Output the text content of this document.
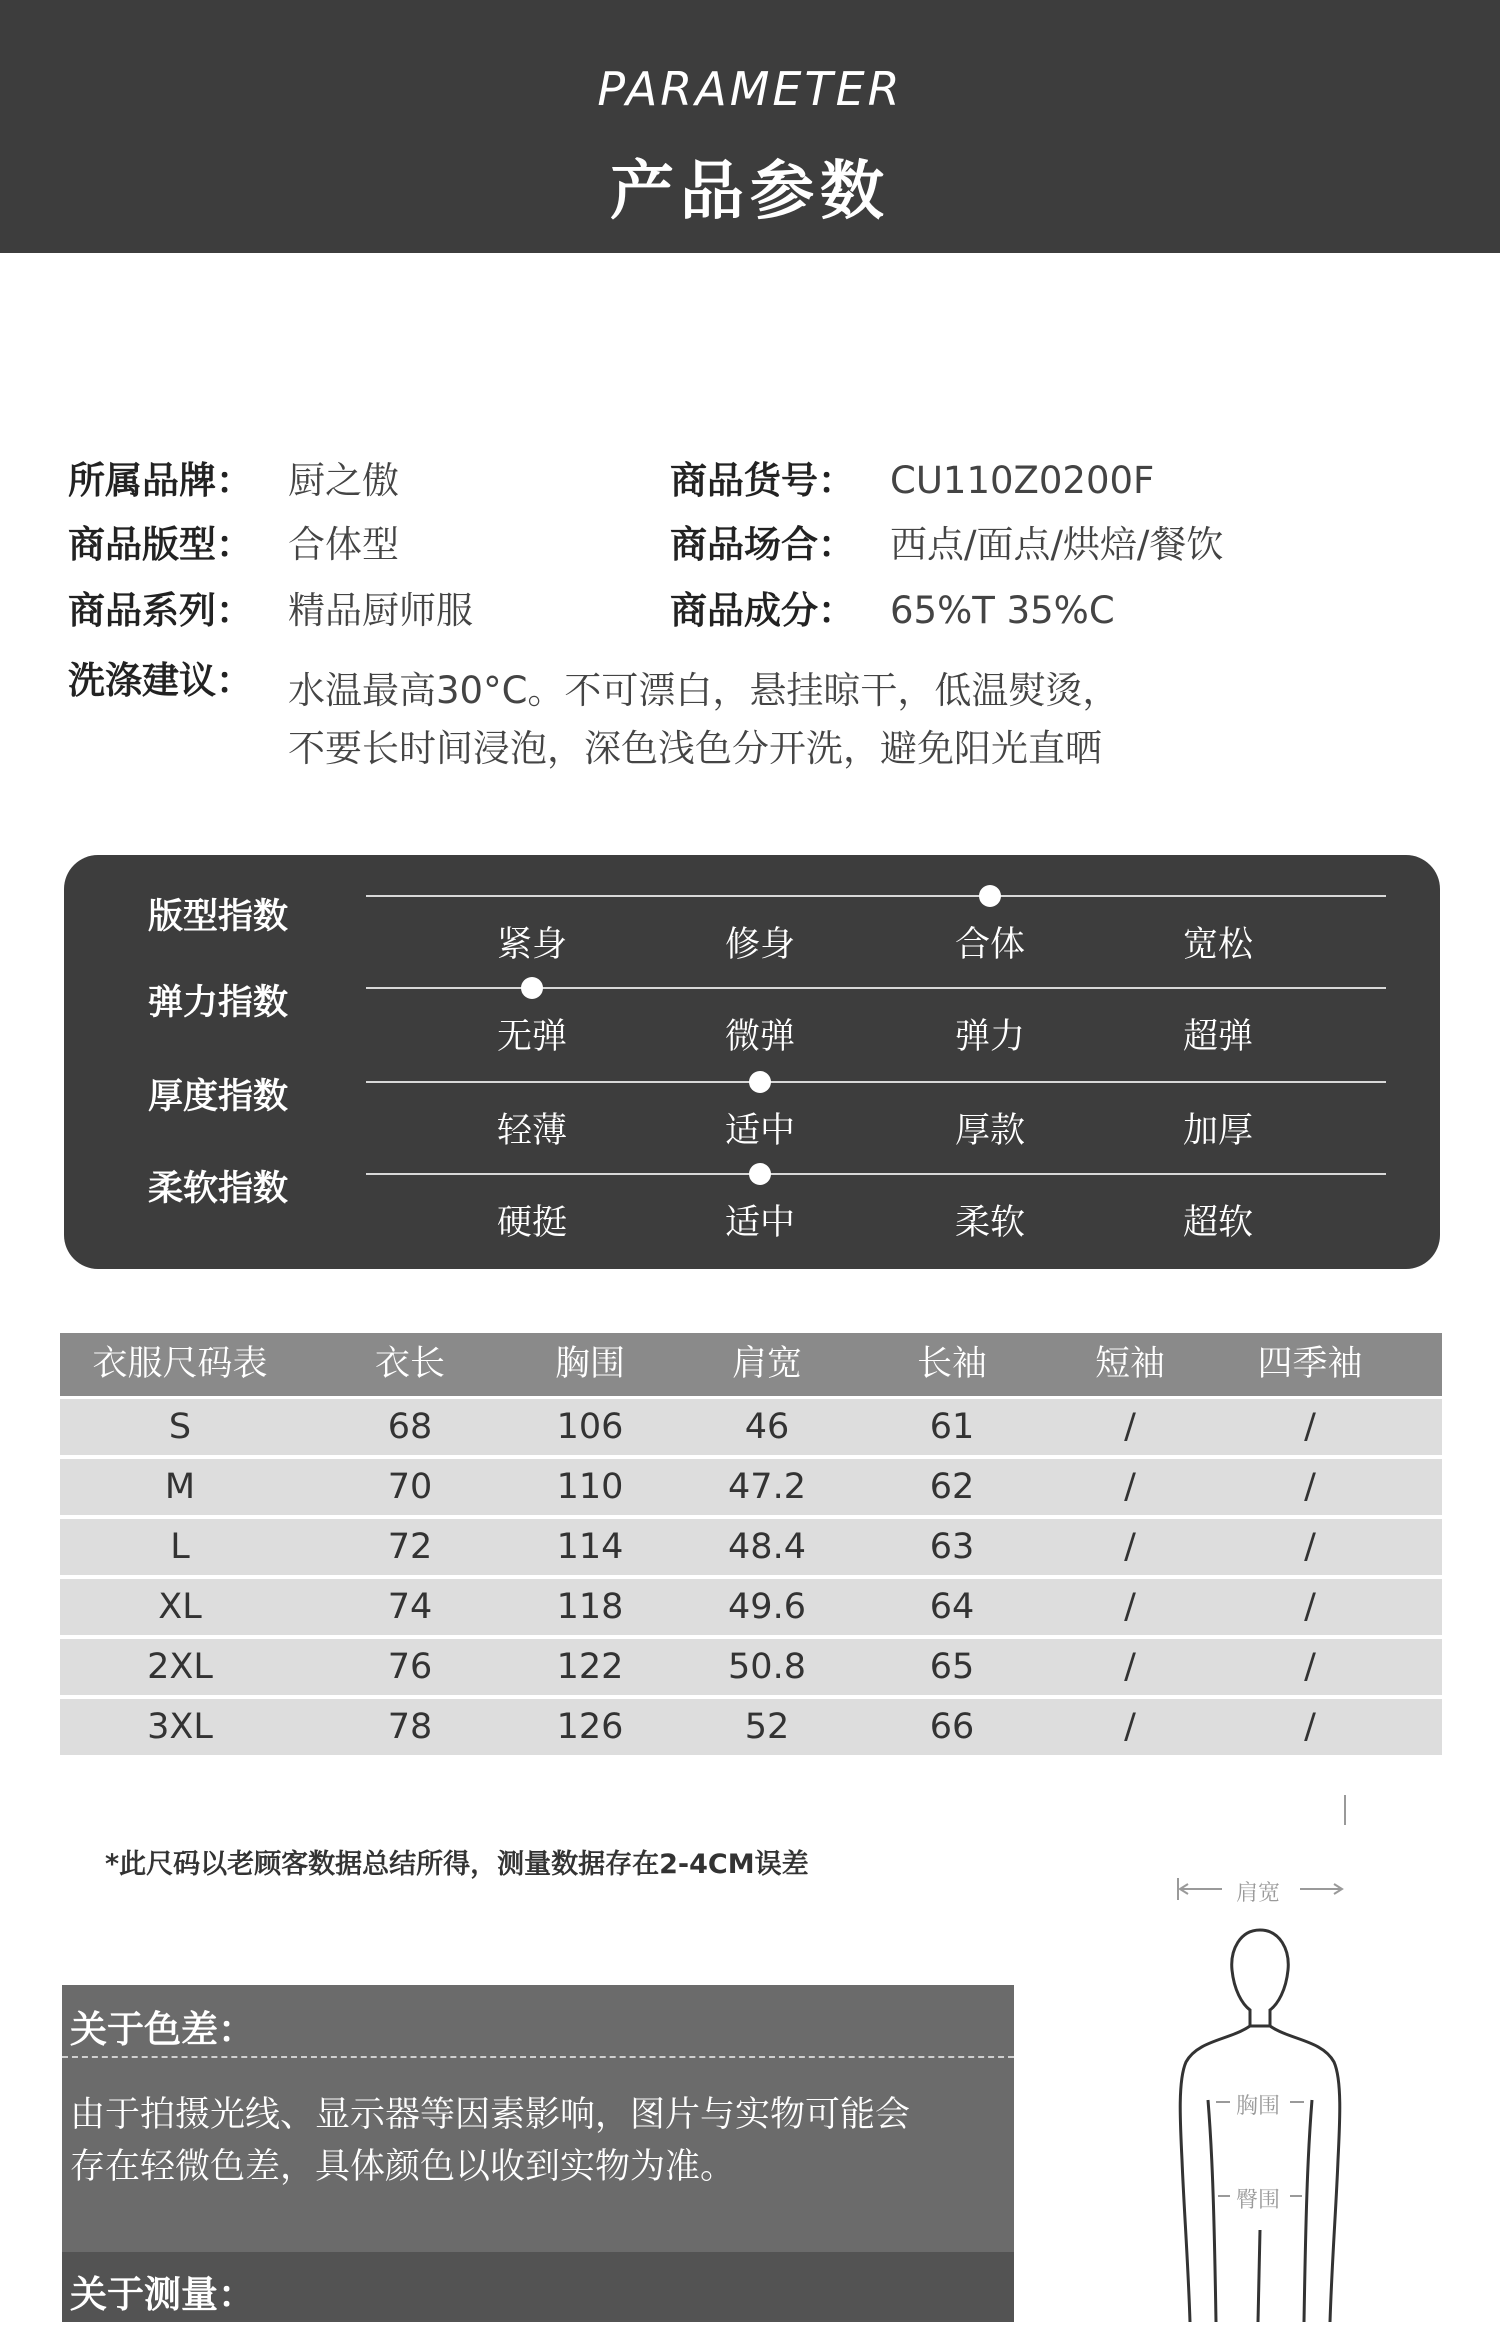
PARAMETER
产品参数
所属品牌： 厨之傲	商品货号： CU110Z0200F
商品版型： 合体型	商品场合： 西点/面点/烘焙/餐饮
商品系列： 精品厨师服	商品成分： 65%T 35%C
洗涤建议： 水温最高30°C。不可漂白，悬挂晾干，低温熨烫，
不要长时间浸泡，深色浅色分开洗，避免阳光直晒
版型指数
紧身	修身	合体	宽松
弹力指数
无弹	微弹	弹力	超弹
厚度指数
轻薄	适中	厚款	加厚
柔软指数
硬挺	适中	柔软	超软
衣服尺码表	衣长	胸围	肩宽	长袖	短袖	四季袖
S	68	106	46	61	/	/
M	70	110	47.2	62	/	/
L	72	114	48.4	63	/	/
XL	74	118	49.6	64	/	/
2XL	76	122	50.8	65	/	/
3XL	78	126	52	66	/	/
*此尺码以老顾客数据总结所得，测量数据存在2-4CM误差
关于色差：
由于拍摄光线、显示器等因素影响，图片与实物可能会
存在轻微色差，具体颜色以收到实物为准。
关于测量：
肩宽
胸围
臀围
